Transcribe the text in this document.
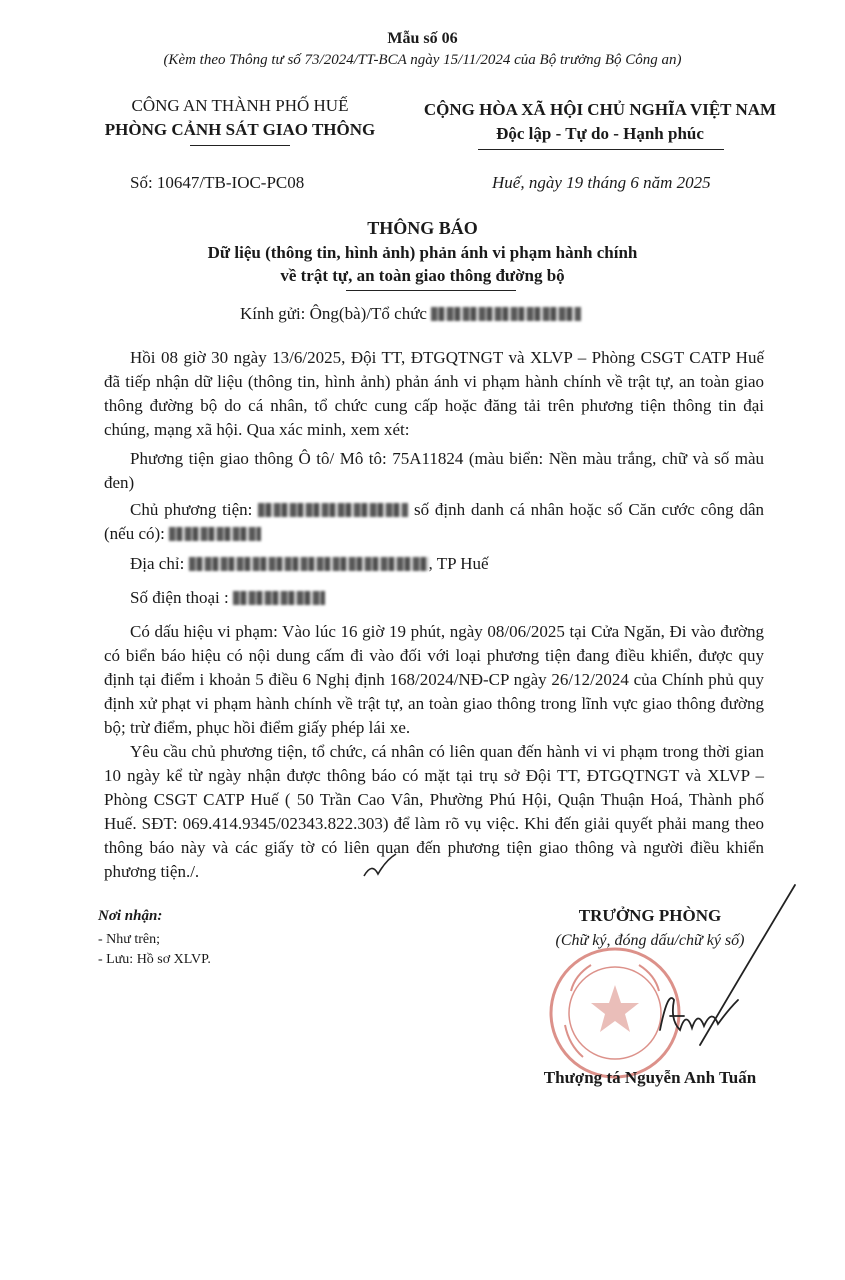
Mẫu số 06
(Kèm theo Thông tư số 73/2024/TT-BCA ngày 15/11/2024 của Bộ trưởng Bộ Công an)
CÔNG AN THÀNH PHỐ HUẾ
PHÒNG CẢNH SÁT GIAO THÔNG
Số: 10647/TB-IOC-PC08
CỘNG HÒA XÃ HỘI CHỦ NGHĨA VIỆT NAM
Độc lập - Tự do - Hạnh phúc
Huế, ngày 19 tháng 6 năm 2025
THÔNG BÁO
Dữ liệu (thông tin, hình ảnh) phản ánh vi phạm hành chính
về trật tự, an toàn giao thông đường bộ
Kính gửi: Ông(bà)/Tổ chức
Hồi 08 giờ 30 ngày 13/6/2025, Đội TT, ĐTGQTNGT và XLVP – Phòng CSGT CATP Huế đã tiếp nhận dữ liệu (thông tin, hình ảnh) phản ánh vi phạm hành chính về trật tự, an toàn giao thông đường bộ do cá nhân, tổ chức cung cấp hoặc đăng tải trên phương tiện thông tin đại chúng, mạng xã hội. Qua xác minh, xem xét:
Phương tiện giao thông Ô tô/ Mô tô: 75A11824 (màu biển: Nền màu trắng, chữ và số màu đen)
Chủ phương tiện:	số định danh cá nhân hoặc số Căn cước công dân (nếu có):
Địa chỉ:	, TP Huế
Số điện thoại :
Có dấu hiệu vi phạm: Vào lúc 16 giờ 19 phút, ngày 08/06/2025 tại Cửa Ngăn, Đi vào đường có biển báo hiệu có nội dung cấm đi vào đối với loại phương tiện đang điều khiển, được quy định tại điểm i khoản 5 điều 6 Nghị định 168/2024/NĐ-CP ngày 26/12/2024 của Chính phủ quy định xử phạt vi phạm hành chính về trật tự, an toàn giao thông trong lĩnh vực giao thông đường bộ; trừ điểm, phục hồi điểm giấy phép lái xe.
Yêu cầu chủ phương tiện, tổ chức, cá nhân có liên quan đến hành vi vi phạm trong thời gian 10 ngày kể từ ngày nhận được thông báo có mặt tại trụ sở Đội TT, ĐTGQTNGT và XLVP – Phòng CSGT CATP Huế ( 50 Trần Cao Vân, Phường Phú Hội, Quận Thuận Hoá, Thành phố Huế. SĐT: 069.414.9345/02343.822.303) để làm rõ vụ việc. Khi đến giải quyết phải mang theo thông báo này và các giấy tờ có liên quan đến phương tiện giao thông và người điều khiển phương tiện./.
Nơi nhận:
- Như trên;
- Lưu: Hồ sơ XLVP.
TRƯỞNG PHÒNG
(Chữ ký, đóng dấu/chữ ký số)
Thượng tá Nguyễn Anh Tuấn
